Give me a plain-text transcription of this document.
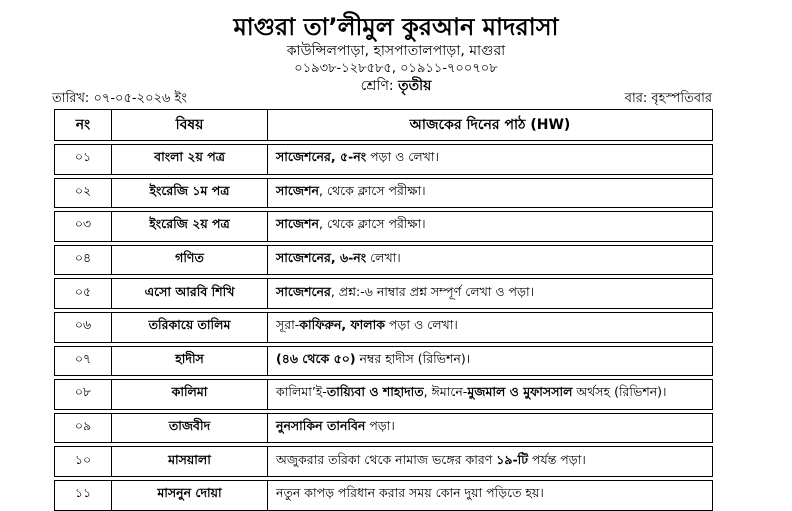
মাগুরা তা’লীমুল কুরআন মাদরাসা
কাউন্সিলপাড়া, হাসপাতালপাড়া, মাগুরা
০১৯৩৮-১২৮৫৮৫, ০১৯১১-৭০০৭০৮
শ্রেণি: তৃতীয়
তারিখ: ০৭-০৫-২০২৬ ইং	বার: বৃহস্পতিবার
নং	বিষয়	আজকের দিনের পাঠ (HW)

০১	বাংলা ২য় পত্র	সাজেশনের, ৫-নং পড়া ও লেখা।

০২	ইংরেজি ১ম পত্র	সাজেশন, থেকে ক্লাসে পরীক্ষা।

০৩	ইংরেজি ২য় পত্র	সাজেশন, থেকে ক্লাসে পরীক্ষা।

০৪	গণিত	সাজেশনের, ৬-নং লেখা।

০৫	এসো আরবি শিখি	সাজেশনের, প্রশ্ন:-৬ নাম্বার প্রশ্ন সম্পূর্ণ লেখা ও পড়া।

০৬	তরিকায়ে তালিম	সূরা-কাফিরুন, ফালাক পড়া ও লেখা।

০৭	হাদীস	(৪৬ থেকে ৫০) নম্বর হাদীস (রিভিশন)।

০৮	কালিমা	কালিমা’ই-তায়্যিবা ও শাহাদাত, ঈমানে-মুজমাল ও মুফাসসাল অর্থসহ (রিভিশন)।

০৯	তাজবীদ	নুনসাকিন তানবিন পড়া।

১০	মাসয়ালা	অজুকরার তরিকা থেকে নামাজ ভঙ্গের কারণ ১৯-টি পর্যন্ত পড়া।

১১	মাসনুন দোয়া	নতুন কাপড় পরিধান করার সময় কোন দুয়া পড়িতে হয়।
